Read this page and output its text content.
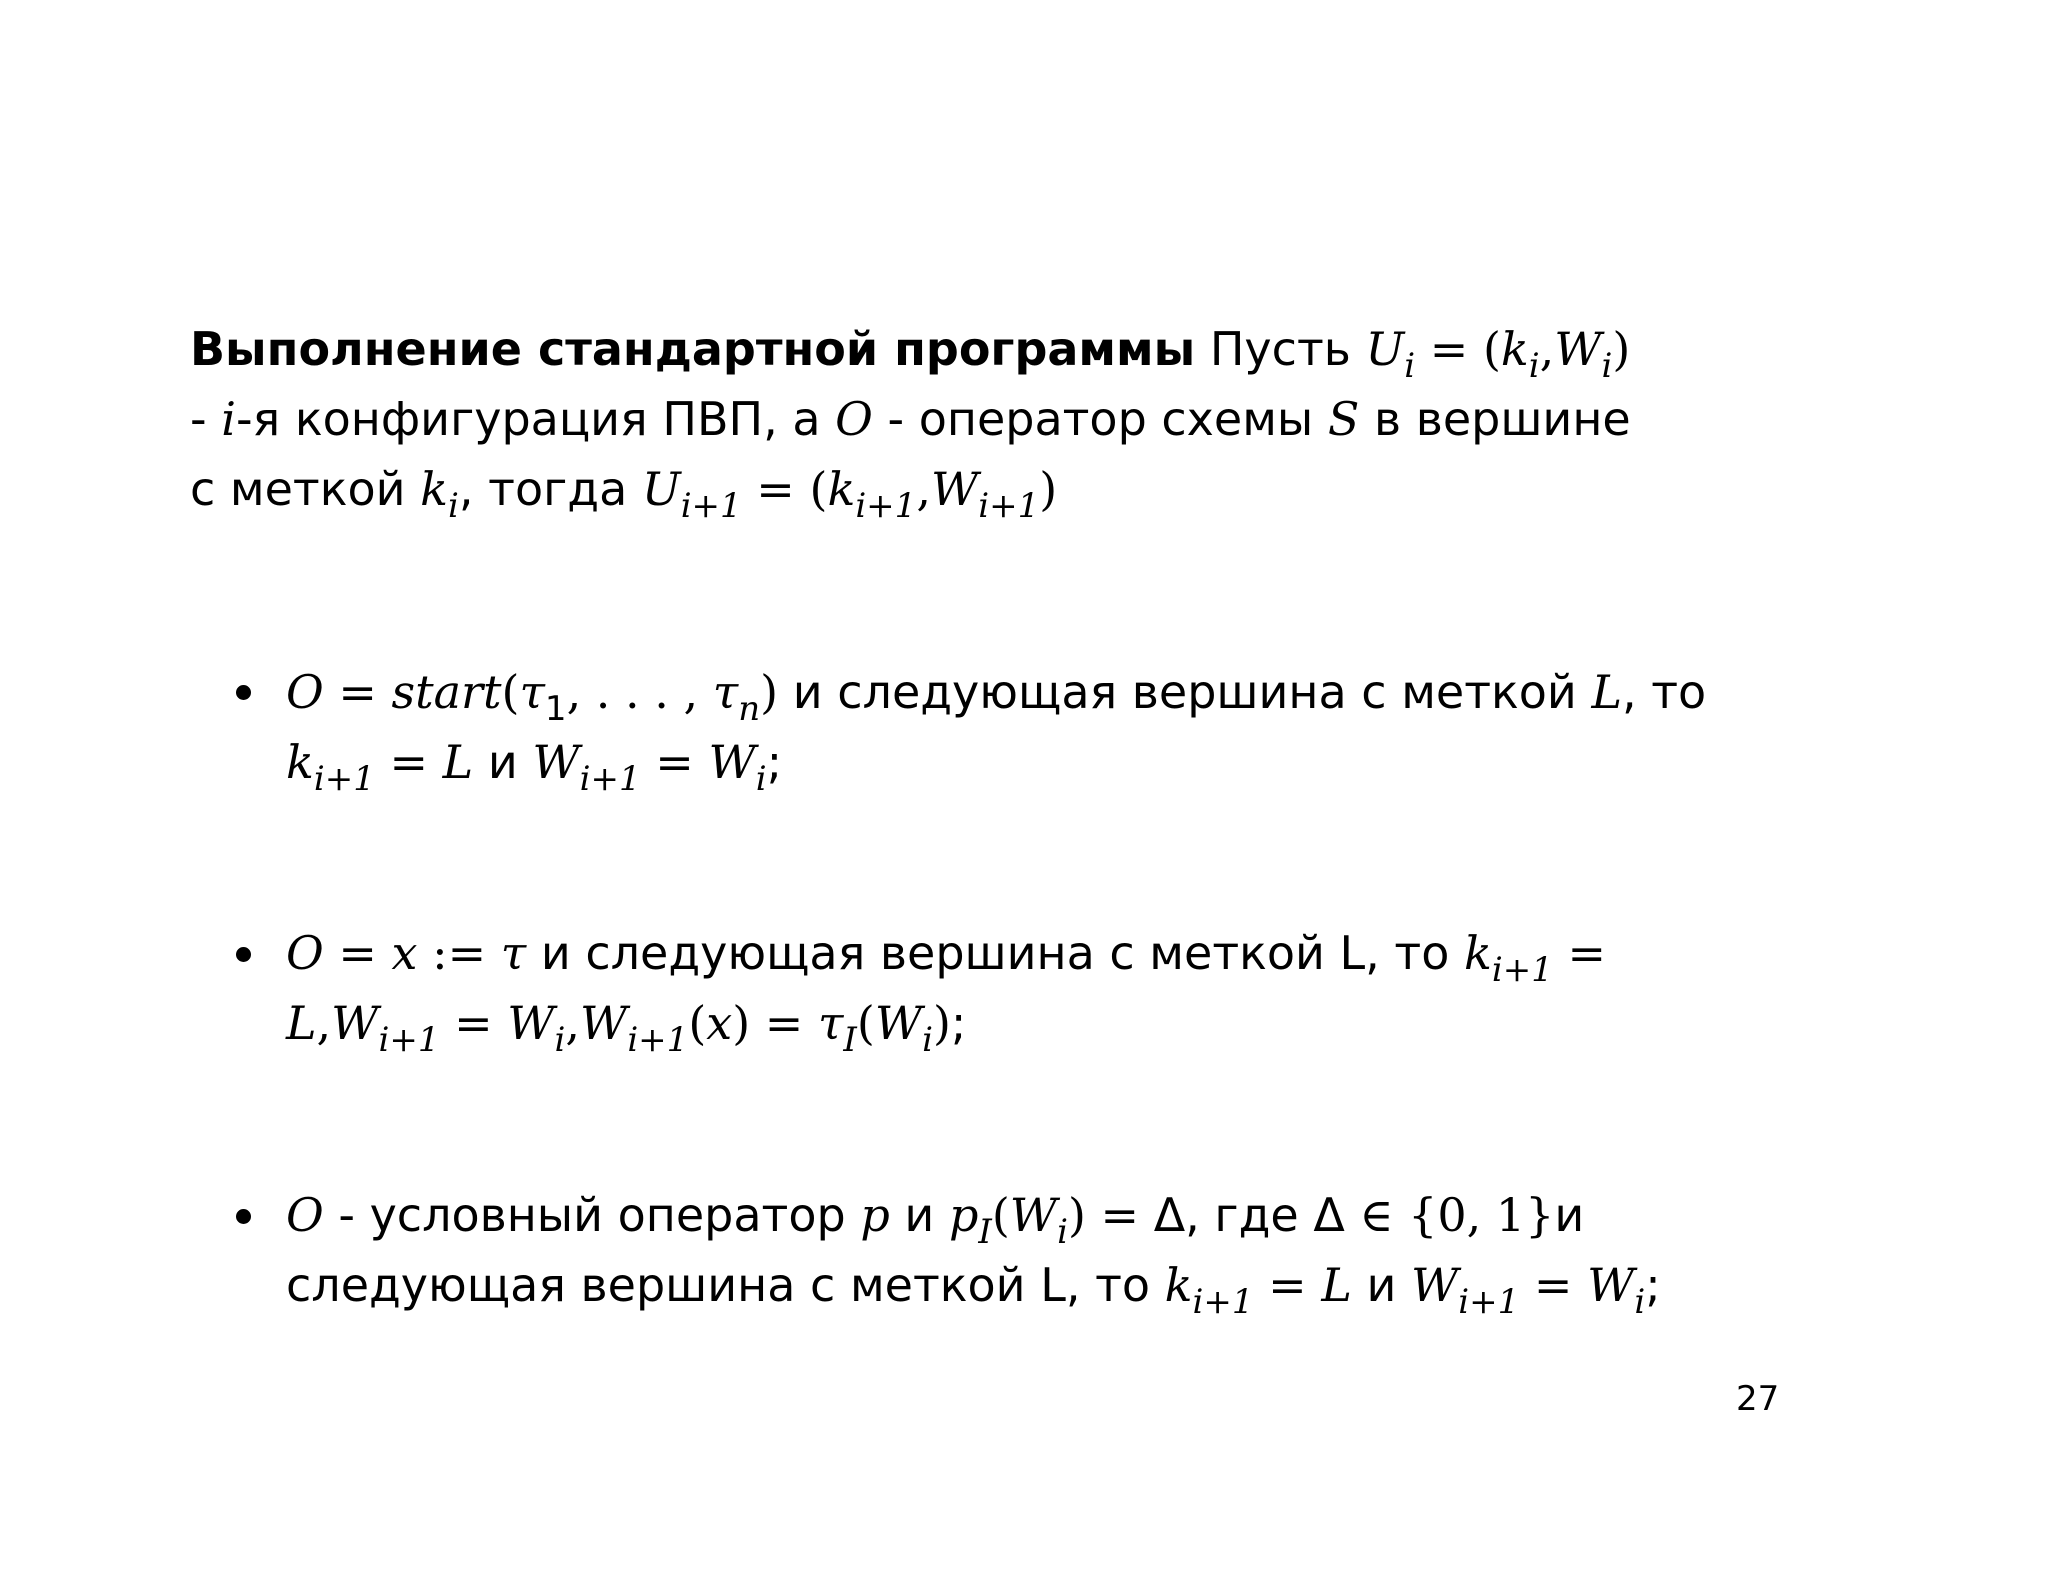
Выполнение стандартной программы Пусть $U_i = (k_i,W_i)$
- i-я конфигурация ПВП, а O - оператор схемы S в вершине
с меткой $k_i$, тогда $U_{i+1} = (k_{i+1},W_{i+1})$
$O = start(\tau_1$, . . . , $\tau_n$) и следующая вершина с меткой L, то
$k_{i+1} = L$ и $W_{i+1} = W_i$;
O = x := τ и следующая вершина с меткой L, то $k_{i+1}$ =
$L,W_{i+1} = W_i,W_{i+1}(x) = \tau_I(W_i)$;
O - условный оператор p и $p_I(W_i) = \Delta$, где Δ ∈ {0, 1}и
следующая вершина с меткой L, то $k_{i+1} = L$ и $W_{i+1} = W_i$;
27
